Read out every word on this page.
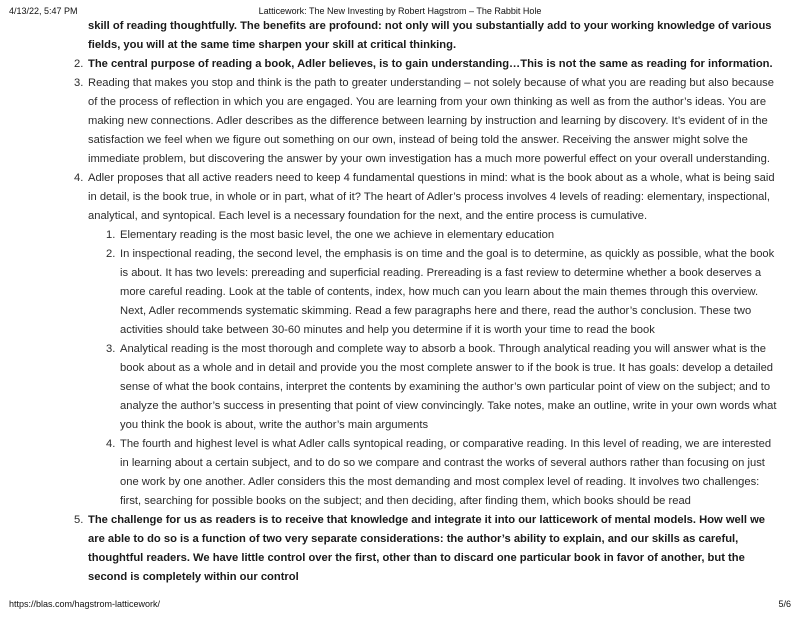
4/13/22, 5:47 PM	Latticework: The New Investing by Robert Hagstrom – The Rabbit Hole
skill of reading thoughtfully. The benefits are profound: not only will you substantially add to your working knowledge of various fields, you will at the same time sharpen your skill at critical thinking.
2. The central purpose of reading a book, Adler believes, is to gain understanding…This is not the same as reading for information.
3. Reading that makes you stop and think is the path to greater understanding – not solely because of what you are reading but also because of the process of reflection in which you are engaged. You are learning from your own thinking as well as from the author’s ideas. You are making new connections. Adler describes as the difference between learning by instruction and learning by discovery. It’s evident of in the satisfaction we feel when we figure out something on our own, instead of being told the answer. Receiving the answer might solve the immediate problem, but discovering the answer by your own investigation has a much more powerful effect on your overall understanding.
4. Adler proposes that all active readers need to keep 4 fundamental questions in mind: what is the book about as a whole, what is being said in detail, is the book true, in whole or in part, what of it? The heart of Adler’s process involves 4 levels of reading: elementary, inspectional, analytical, and syntopical. Each level is a necessary foundation for the next, and the entire process is cumulative.
1. Elementary reading is the most basic level, the one we achieve in elementary education
2. In inspectional reading, the second level, the emphasis is on time and the goal is to determine, as quickly as possible, what the book is about. It has two levels: prereading and superficial reading. Prereading is a fast review to determine whether a book deserves a more careful reading. Look at the table of contents, index, how much can you learn about the main themes through this overview. Next, Adler recommends systematic skimming. Read a few paragraphs here and there, read the author’s conclusion. These two activities should take between 30-60 minutes and help you determine if it is worth your time to read the book
3. Analytical reading is the most thorough and complete way to absorb a book. Through analytical reading you will answer what is the book about as a whole and in detail and provide you the most complete answer to if the book is true. It has goals: develop a detailed sense of what the book contains, interpret the contents by examining the author’s own particular point of view on the subject; and to analyze the author’s success in presenting that point of view convincingly. Take notes, make an outline, write in your own words what you think the book is about, write the author’s main arguments
4. The fourth and highest level is what Adler calls syntopical reading, or comparative reading. In this level of reading, we are interested in learning about a certain subject, and to do so we compare and contrast the works of several authors rather than focusing on just one work by one another. Adler considers this the most demanding and most complex level of reading. It involves two challenges: first, searching for possible books on the subject; and then deciding, after finding them, which books should be read
5. The challenge for us as readers is to receive that knowledge and integrate it into our latticework of mental models. How well we are able to do so is a function of two very separate considerations: the author’s ability to explain, and our skills as careful, thoughtful readers. We have little control over the first, other than to discard one particular book in favor of another, but the second is completely within our control
https://blas.com/hagstrom-latticework/	5/6
